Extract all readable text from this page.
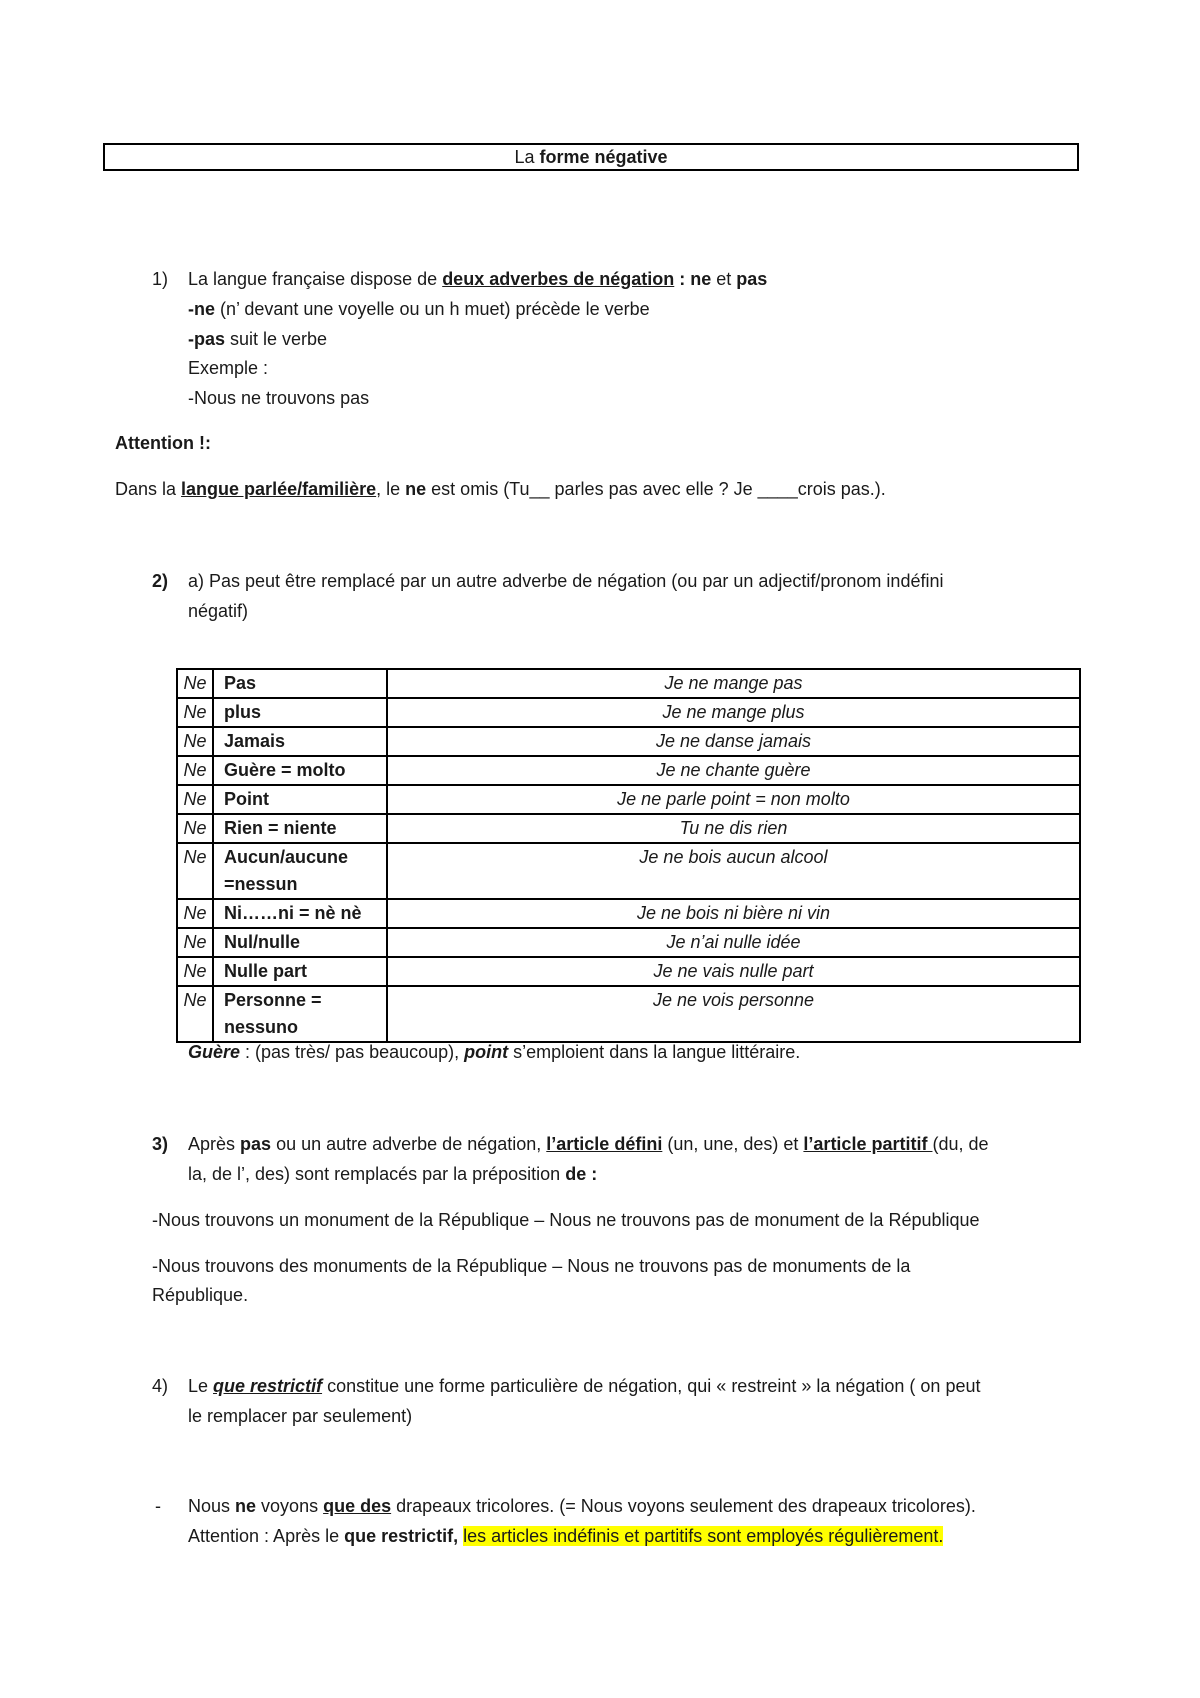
La forme négative
1) La langue française dispose de deux adverbes de négation : ne et pas
-ne (n’ devant une voyelle ou un h muet) précède le verbe
-pas suit le verbe
Exemple :
-Nous ne trouvons pas
Attention !:
Dans la langue parlée/familière, le ne est omis (Tu__ parles pas avec elle ? Je ____crois pas.).
2) a) Pas peut être remplacé par un autre adverbe de négation (ou par un adjectif/pronom indéfini
négatif)
Ne	Pas	Je ne mange pas
Ne	plus	Je ne mange plus
Ne	Jamais	Je ne danse jamais
Ne	Guère = molto	Je ne chante guère
Ne	Point	Je ne parle point = non molto
Ne	Rien = niente	Tu ne dis rien
Ne	Aucun/aucune =nessun	Je ne bois aucun alcool
Ne	Ni……ni = nè nè	Je ne bois ni bière ni vin
Ne	Nul/nulle	Je n’ai nulle idée
Ne	Nulle part	Je ne vais nulle part
Ne	Personne = nessuno	Je ne vois personne
Guère : (pas très/ pas beaucoup), point s’emploient dans la langue littéraire.
3) Après pas ou un autre adverbe de négation, l’article défini (un, une, des) et l’article partitif (du, de
la, de l’, des) sont remplacés par la préposition de :
-Nous trouvons un monument de la République – Nous ne trouvons pas de monument de la République
-Nous trouvons des monuments de la République – Nous ne trouvons pas de monuments de la
République.
4) Le que restrictif constitue une forme particulière de négation, qui « restreint » la négation ( on peut
le remplacer par seulement)
- Nous ne voyons que des drapeaux tricolores. (= Nous voyons seulement des drapeaux tricolores).
Attention : Après le que restrictif, les articles indéfinis et partitifs sont employés régulièrement.
